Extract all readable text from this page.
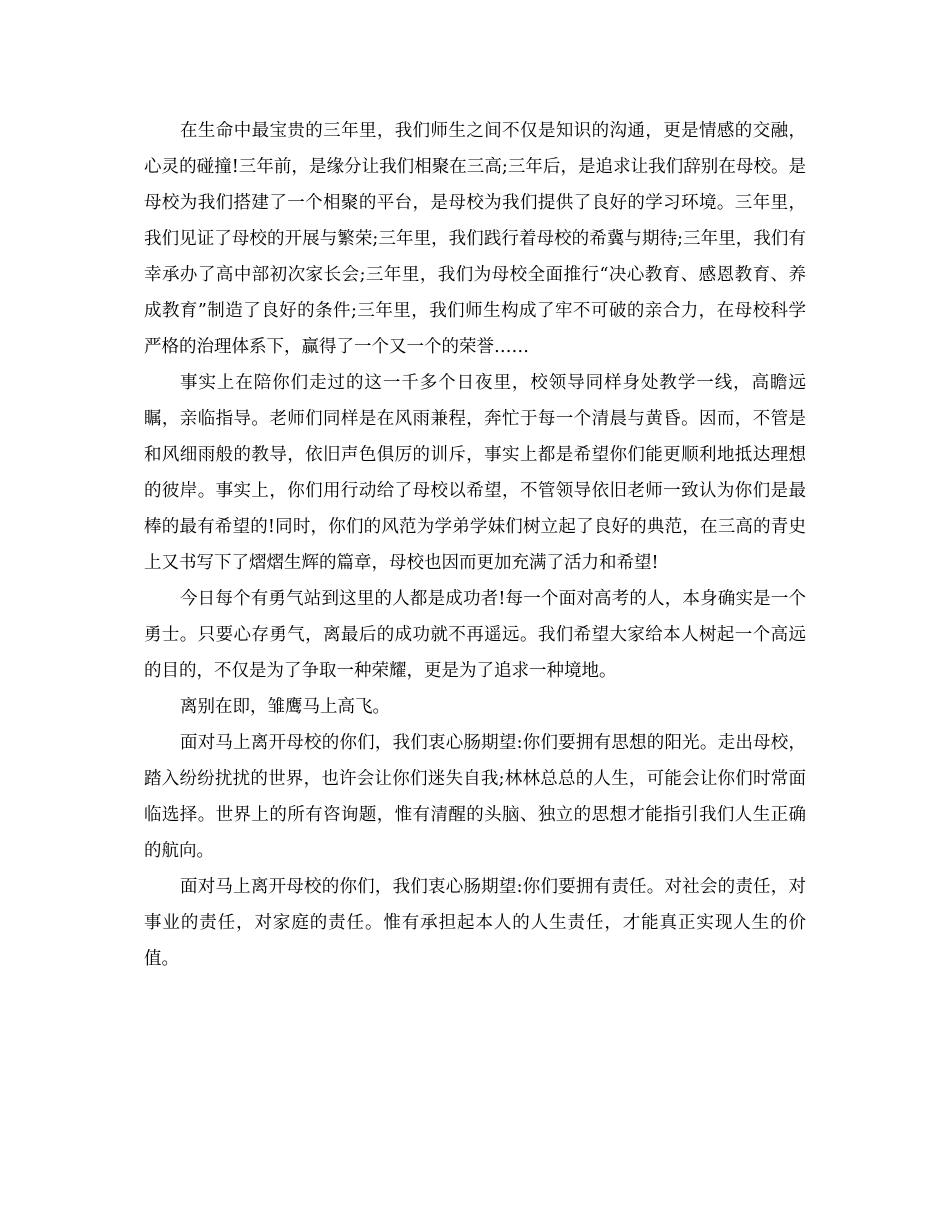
在生命中最宝贵的三年里，我们师生之间不仅是知识的沟通，更是情感的交融，心灵的碰撞!三年前，是缘分让我们相聚在三高;三年后，是追求让我们辞别在母校。是母校为我们搭建了一个相聚的平台，是母校为我们提供了良好的学习环境。三年里，我们见证了母校的开展与繁荣;三年里，我们践行着母校的希冀与期待;三年里，我们有幸承办了高中部初次家长会;三年里，我们为母校全面推行“决心教育、感恩教育、养成教育”制造了良好的条件;三年里，我们师生构成了牢不可破的亲合力，在母校科学严格的治理体系下，赢得了一个又一个的荣誉……

事实上在陪你们走过的这一千多个日夜里，校领导同样身处教学一线，高瞻远瞩，亲临指导。老师们同样是在风雨兼程，奔忙于每一个清晨与黄昏。因而，不管是和风细雨般的教导，依旧声色俱厉的训斥，事实上都是希望你们能更顺利地抵达理想的彼岸。事实上，你们用行动给了母校以希望，不管领导依旧老师一致认为你们是最棒的最有希望的!同时，你们的风范为学弟学妹们树立起了良好的典范，在三高的青史上又书写下了熠熠生辉的篇章，母校也因而更加充满了活力和希望!

今日每个有勇气站到这里的人都是成功者!每一个面对高考的人，本身确实是一个勇士。只要心存勇气，离最后的成功就不再遥远。我们希望大家给本人树起一个高远的目的，不仅是为了争取一种荣耀，更是为了追求一种境地。

离别在即，雏鹰马上高飞。

面对马上离开母校的你们，我们衷心肠期望:你们要拥有思想的阳光。走出母校，踏入纷纷扰扰的世界，也许会让你们迷失自我;林林总总的人生，可能会让你们时常面临选择。世界上的所有咨询题，惟有清醒的头脑、独立的思想才能指引我们人生正确的航向。

面对马上离开母校的你们，我们衷心肠期望:你们要拥有责任。对社会的责任，对事业的责任，对家庭的责任。惟有承担起本人的人生责任，才能真正实现人生的价值。
